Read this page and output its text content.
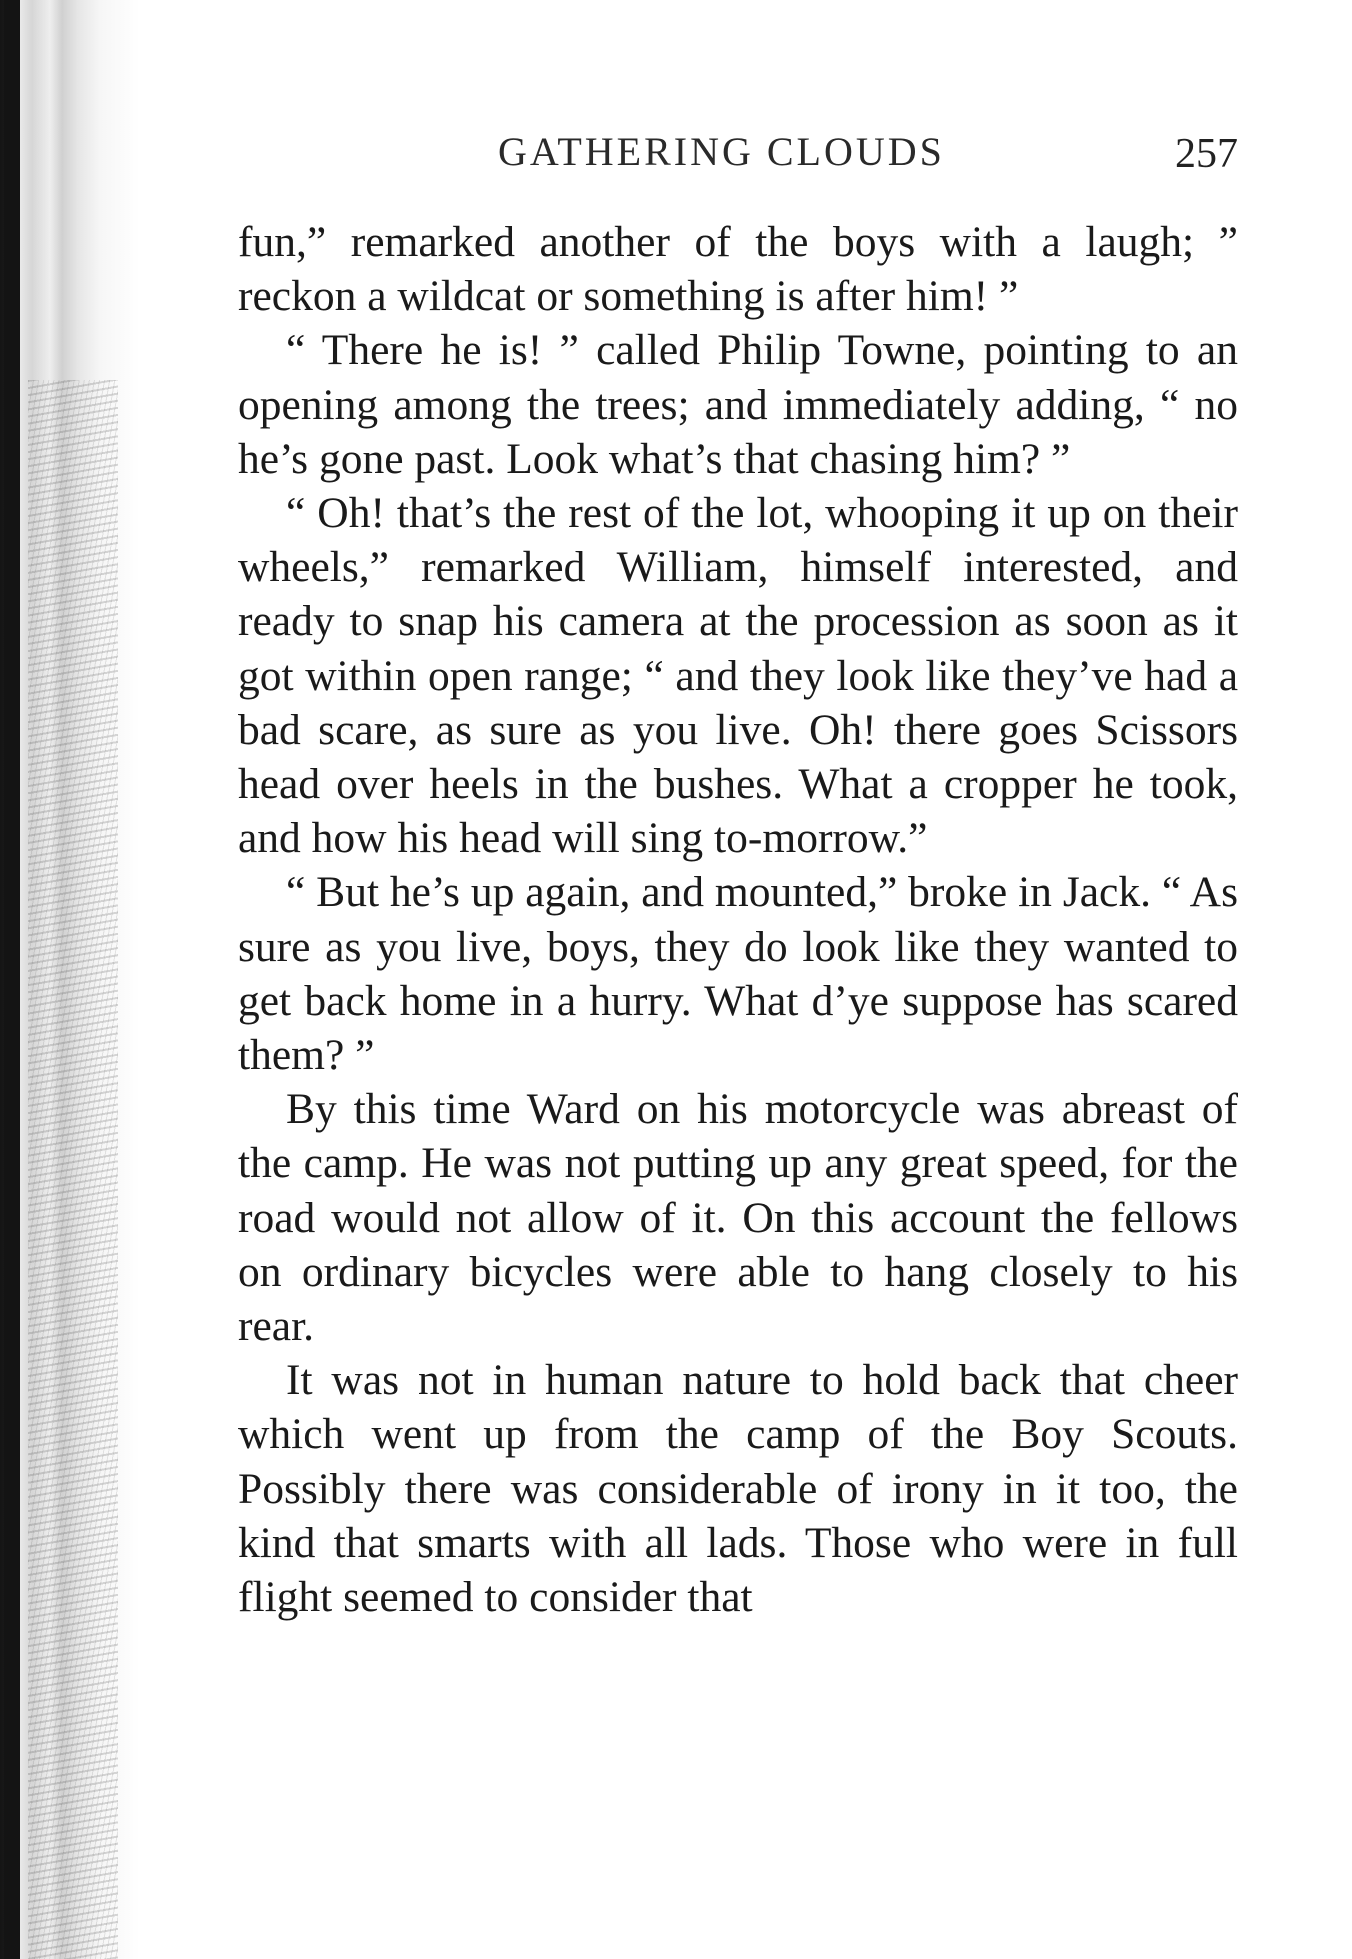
GATHERING CLOUDS	257

fun,” remarked another of the boys with a laugh; ” reckon a wildcat or something is after him! ”

“ There he is! ” called Philip Towne, pointing to an opening among the trees; and immediately adding, “ no he’s gone past. Look what’s that chasing him? ”

“ Oh! that’s the rest of the lot, whooping it up on their wheels,” remarked William, himself interested, and ready to snap his camera at the procession as soon as it got within open range; “ and they look like they’ve had a bad scare, as sure as you live. Oh! there goes Scissors head over heels in the bushes. What a cropper he took, and how his head will sing to-morrow.”

“ But he’s up again, and mounted,” broke in Jack. “ As sure as you live, boys, they do look like they wanted to get back home in a hurry. What d’ye suppose has scared them? ”

By this time Ward on his motorcycle was abreast of the camp. He was not putting up any great speed, for the road would not allow of it. On this account the fellows on ordinary bicycles were able to hang closely to his rear.

It was not in human nature to hold back that cheer which went up from the camp of the Boy Scouts. Possibly there was considerable of irony in it too, the kind that smarts with all lads. Those who were in full flight seemed to consider that
